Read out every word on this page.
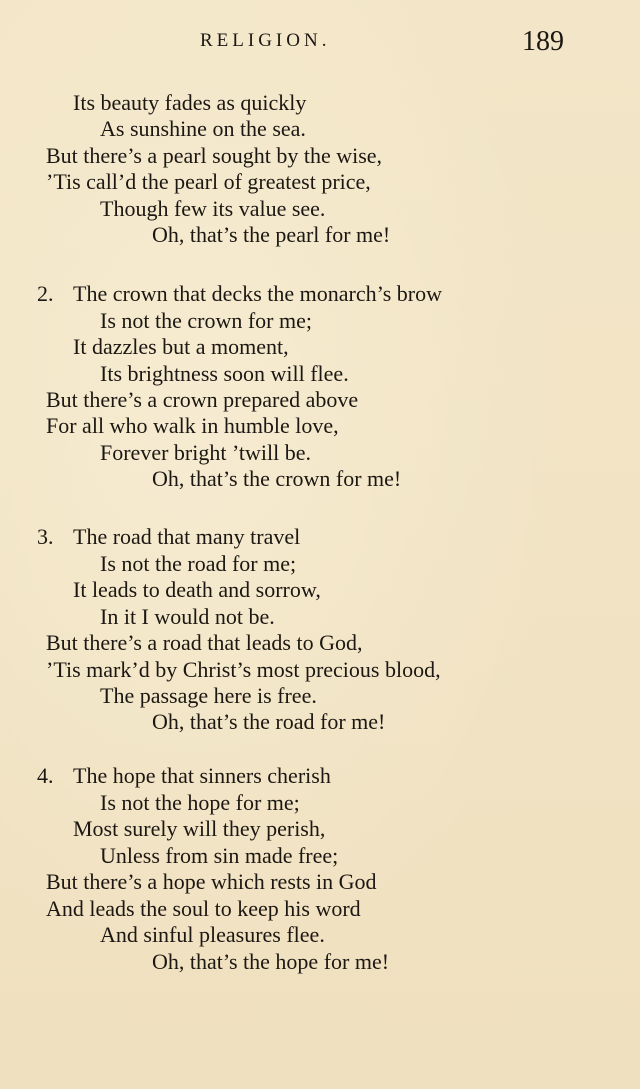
RELIGION.	189
Its beauty fades as quickly
As sunshine on the sea.
But there’s a pearl sought by the wise,
’Tis call’d the pearl of greatest price,
Though few its value see.
Oh, that’s the pearl for me!
2. The crown that decks the monarch’s brow
Is not the crown for me;
It dazzles but a moment,
Its brightness soon will flee.
But there’s a crown prepared above
For all who walk in humble love,
Forever bright ’twill be.
Oh, that’s the crown for me!
3. The road that many travel
Is not the road for me;
It leads to death and sorrow,
In it I would not be.
But there’s a road that leads to God,
’Tis mark’d by Christ’s most precious blood,
The passage here is free.
Oh, that’s the road for me!
4. The hope that sinners cherish
Is not the hope for me;
Most surely will they perish,
Unless from sin made free;
But there’s a hope which rests in God
And leads the soul to keep his word
And sinful pleasures flee.
Oh, that’s the hope for me!
